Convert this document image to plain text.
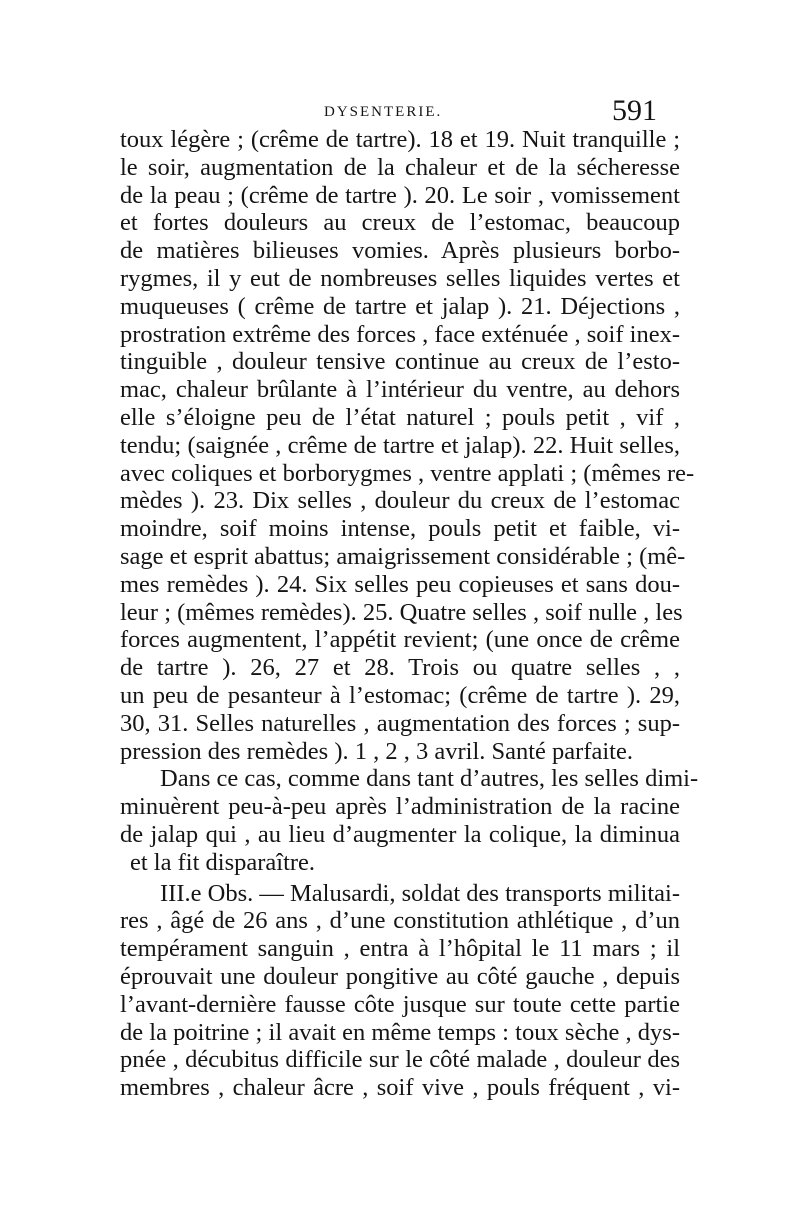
DYSENTERIE.	591
toux légère ; (crême de tartre). 18 et 19. Nuit tranquille ;
le soir, augmentation de la chaleur et de la sécheresse
de la peau ; (crême de tartre ). 20. Le soir , vomissement
et fortes douleurs au creux de l’estomac, beaucoup
de matières bilieuses vomies. Après plusieurs borbo-
rygmes, il y eut de nombreuses selles liquides vertes et
muqueuses ( crême de tartre et jalap ). 21. Déjections ,
prostration extrême des forces , face exténuée , soif inex-
tinguible , douleur tensive continue au creux de l’esto-
mac, chaleur brûlante à l’intérieur du ventre, au dehors
elle s’éloigne peu de l’état naturel ; pouls petit , vif ,
tendu; (saignée , crême de tartre et jalap). 22. Huit selles,
avec coliques et borborygmes , ventre applati ; (mêmes re-
mèdes ). 23. Dix selles , douleur du creux de l’estomac
moindre, soif moins intense, pouls petit et faible, vi-
sage et esprit abattus; amaigrissement considérable ; (mê-
mes remèdes ). 24. Six selles peu copieuses et sans dou-
leur ; (mêmes remèdes). 25. Quatre selles , soif nulle , les
forces augmentent, l’appétit revient; (une once de crême
de tartre ). 26, 27 et 28. Trois ou quatre selles , ,
un peu de pesanteur à l’estomac; (crême de tartre ). 29,
30, 31. Selles naturelles , augmentation des forces ; sup-
pression des remèdes ). 1 , 2 , 3 avril. Santé parfaite.
Dans ce cas, comme dans tant d’autres, les selles dimi-
minuèrent peu-à-peu après l’administration de la racine
de jalap qui , au lieu d’augmenter la colique, la diminua
et la fit disparaître.
III.e Obs. — Malusardi, soldat des transports militai-
res , âgé de 26 ans , d’une constitution athlétique , d’un
tempérament sanguin , entra à l’hôpital le 11 mars ; il
éprouvait une douleur pongitive au côté gauche , depuis
l’avant-dernière fausse côte jusque sur toute cette partie
de la poitrine ; il avait en même temps : toux sèche , dys-
pnée , décubitus difficile sur le côté malade , douleur des
membres , chaleur âcre , soif vive , pouls fréquent , vi-
